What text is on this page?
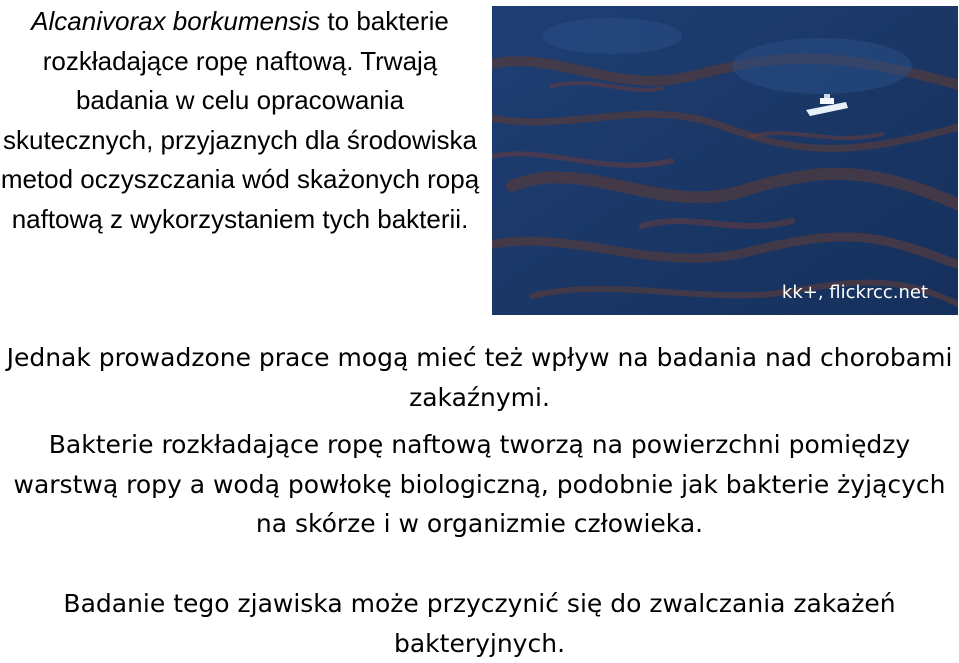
Alcanivorax borkumensis to bakterie rozkładające ropę naftową. Trwają badania w celu opracowania skutecznych, przyjaznych dla środowiska metod oczyszczania wód skażonych ropą naftową z wykorzystaniem tych bakterii.

kk+, flickrcc.net

Jednak prowadzone prace mogą mieć też wpływ na badania nad chorobami zakaźnymi.

Bakterie rozkładające ropę naftową tworzą na powierzchni pomiędzy warstwą ropy a wodą powłokę biologiczną, podobnie jak bakterie żyjących na skórze i w organizmie człowieka.

Badanie tego zjawiska może przyczynić się do zwalczania zakażeń bakteryjnych.
